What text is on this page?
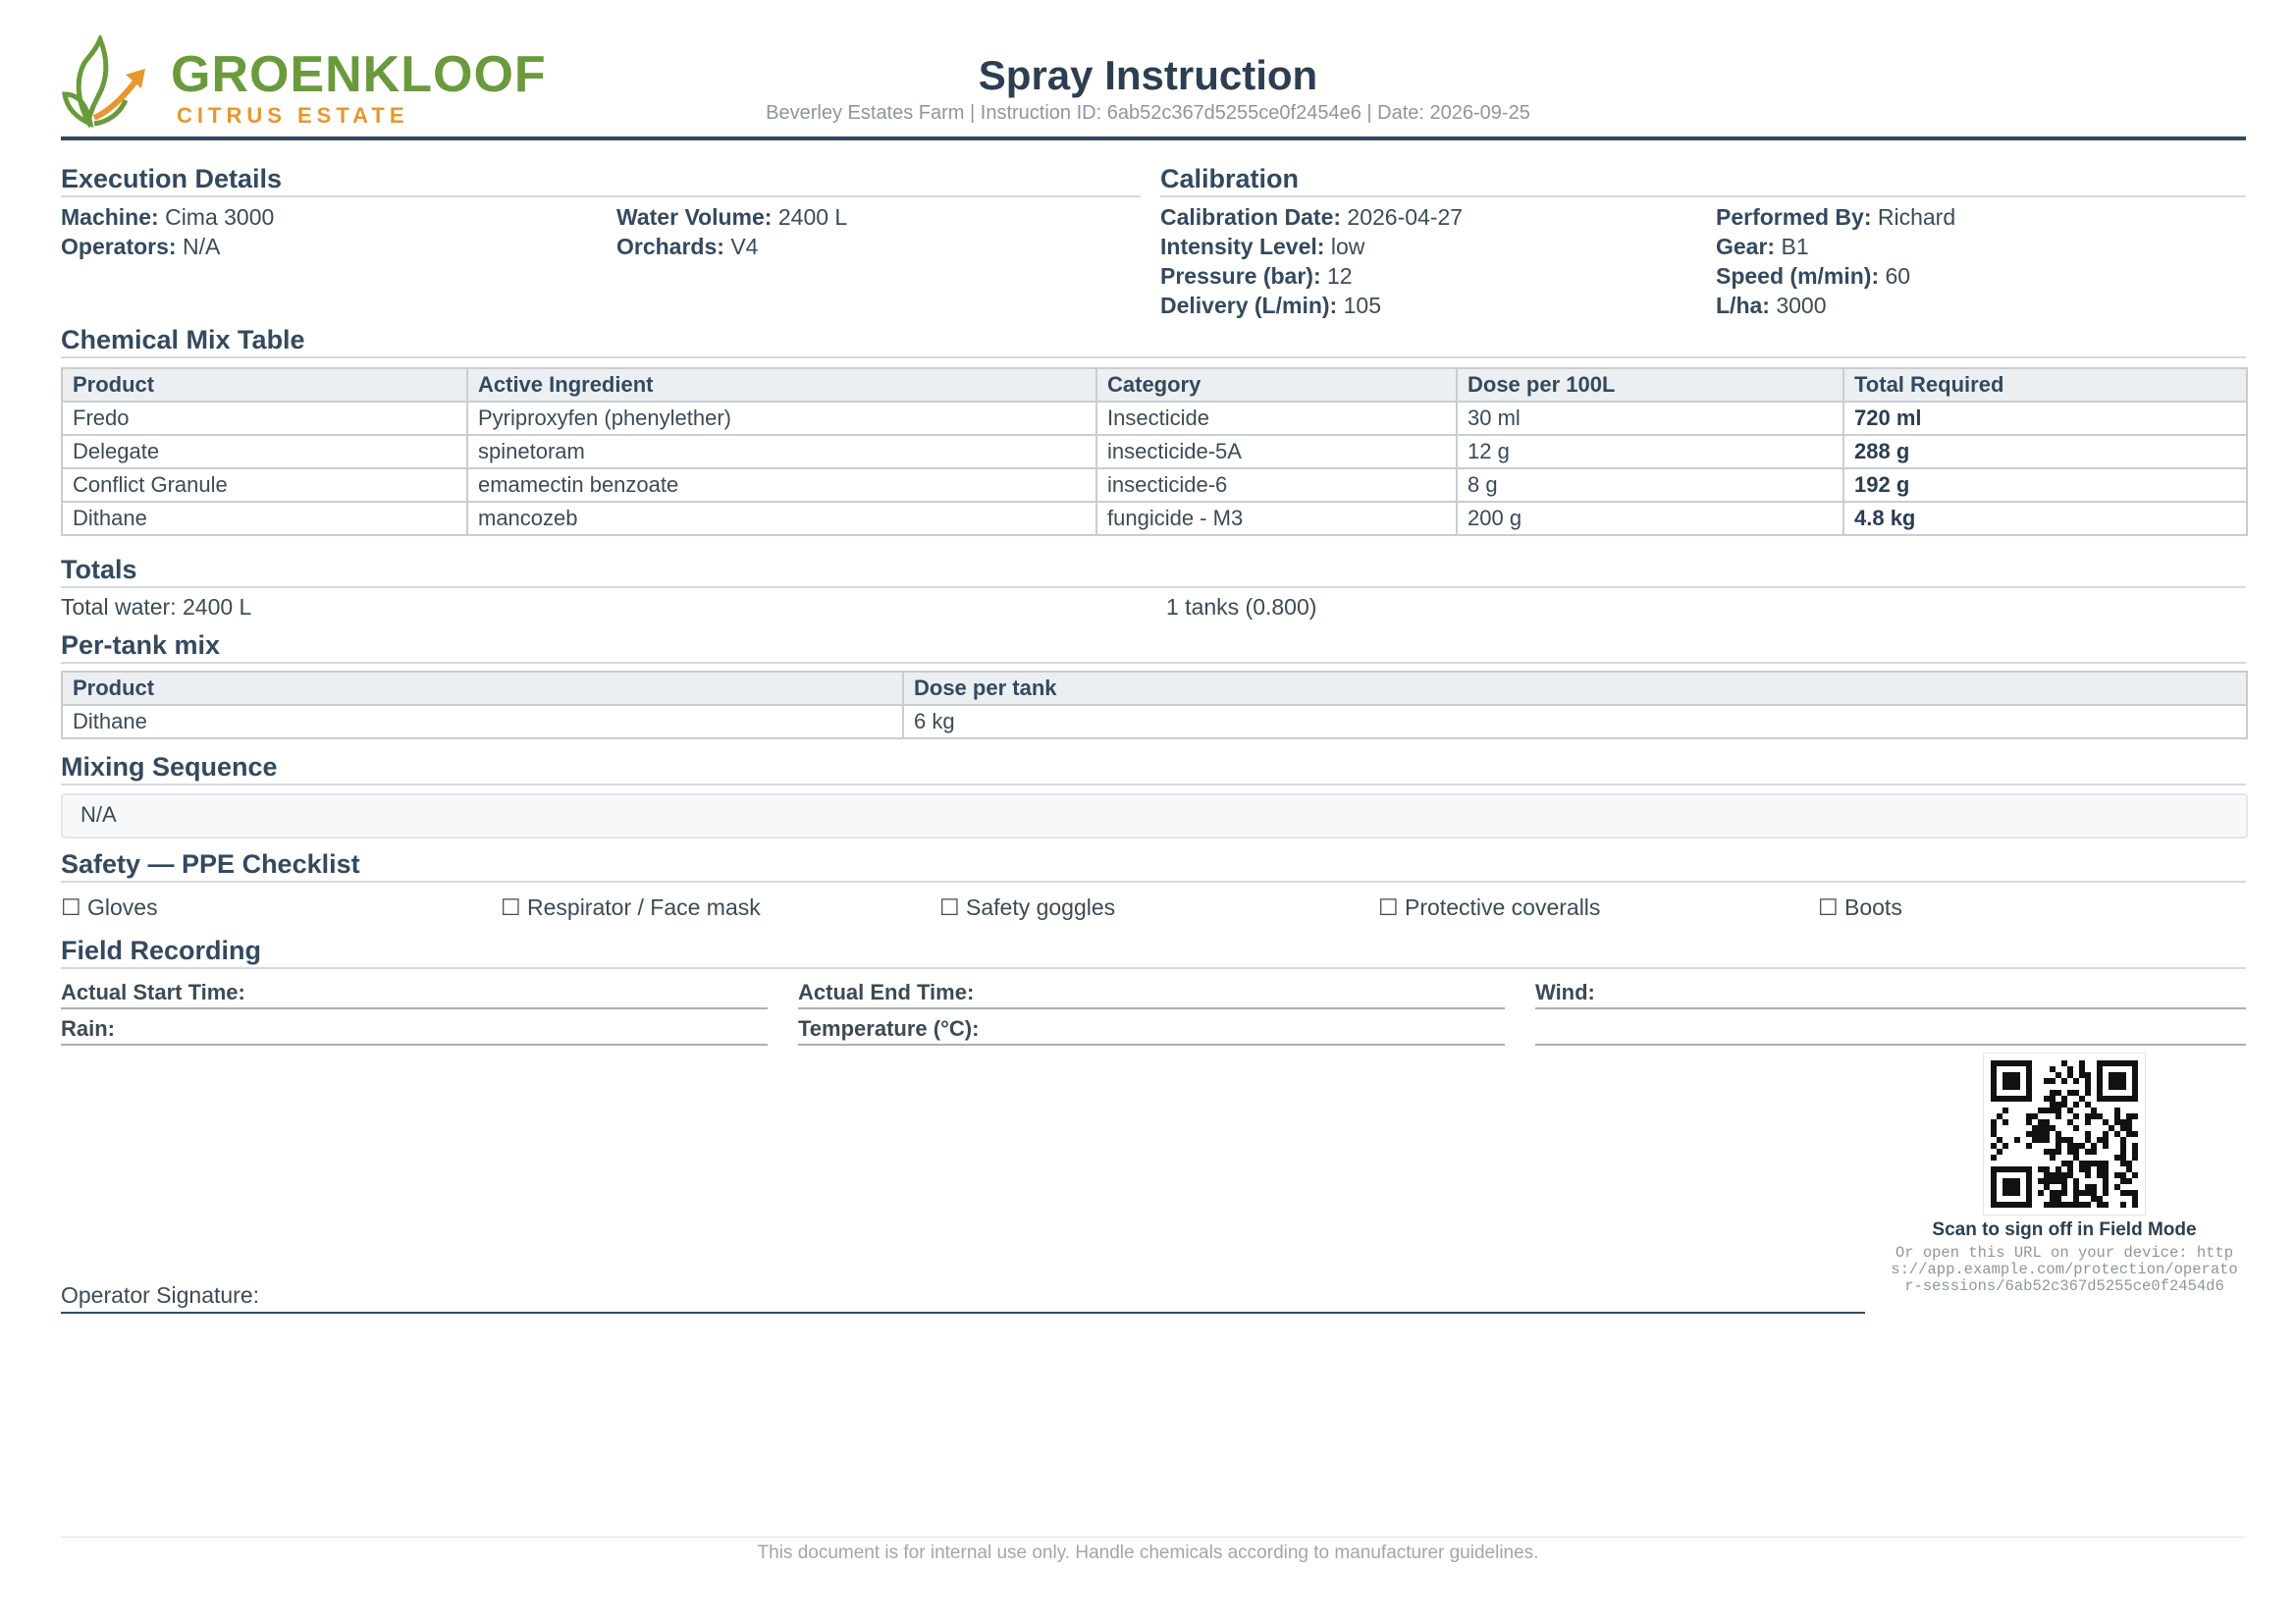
GROENKLOOF
CITRUS ESTATE
Spray Instruction
Beverley Estates Farm | Instruction ID: 6ab52c367d5255ce0f2454e6 | Date: 2026-09-25
Execution Details
Machine: Cima 3000	Water Volume: 2400 L
Operators: N/A	Orchards: V4
Calibration
Calibration Date: 2026-04-27	Performed By: Richard
Intensity Level: low	Gear: B1
Pressure (bar): 12	Speed (m/min): 60
Delivery (L/min): 105	L/ha: 3000
Chemical Mix Table
Product	Active Ingredient	Category	Dose per 100L	Total Required
Fredo	Pyriproxyfen (phenylether)	Insecticide	30 ml	720 ml
Delegate	spinetoram	insecticide-5A	12 g	288 g
Conflict Granule	emamectin benzoate	insecticide-6	8 g	192 g
Dithane	mancozeb	fungicide - M3	200 g	4.8 kg
Totals
Total water: 2400 L	1 tanks (0.800)
Per-tank mix
Product	Dose per tank
Dithane	6 kg
Mixing Sequence
N/A
Safety — PPE Checklist
☐ Gloves	☐ Respirator / Face mask	☐ Safety goggles	☐ Protective coveralls	☐ Boots
Field Recording
Actual Start Time:	Actual End Time:	Wind:
Rain:	Temperature (°C):
Operator Signature:
Scan to sign off in Field Mode
Or open this URL on your device: https://app.example.com/protection/operator-sessions/6ab52c367d5255ce0f2454d6
This document is for internal use only. Handle chemicals according to manufacturer guidelines.
